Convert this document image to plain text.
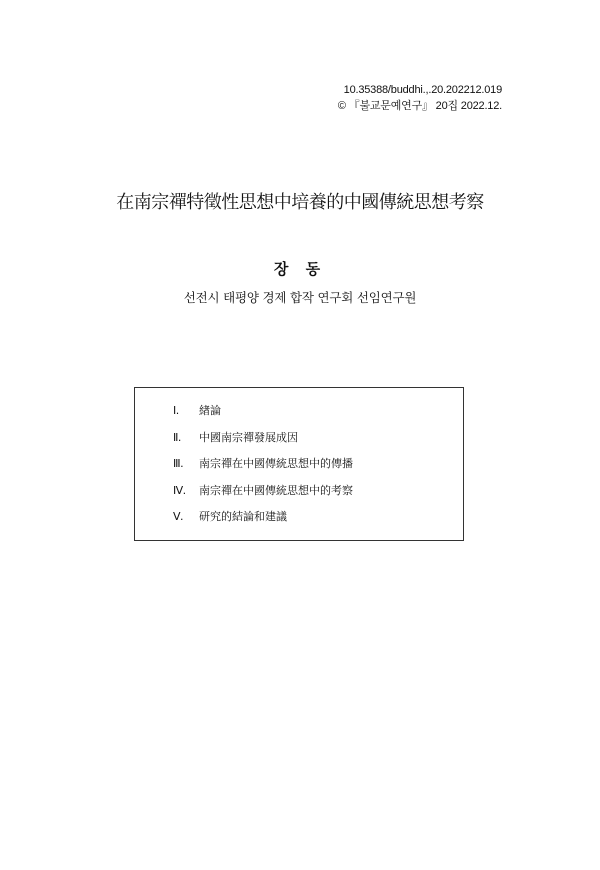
10.35388/buddhi.,.20.202212.019
© 『불교문예연구』 20집 2022.12.
在南宗禪特徵性思想中培養的中國傳統思想考察
장 동
선전시 태평양 경제 합작 연구회 선임연구원
Ⅰ. 緖論
Ⅱ. 中國南宗禪發展成因
Ⅲ. 南宗禪在中國傳統思想中的傳播
Ⅳ. 南宗禪在中國傳統思想中的考察
Ⅴ. 研究的結論和建議
